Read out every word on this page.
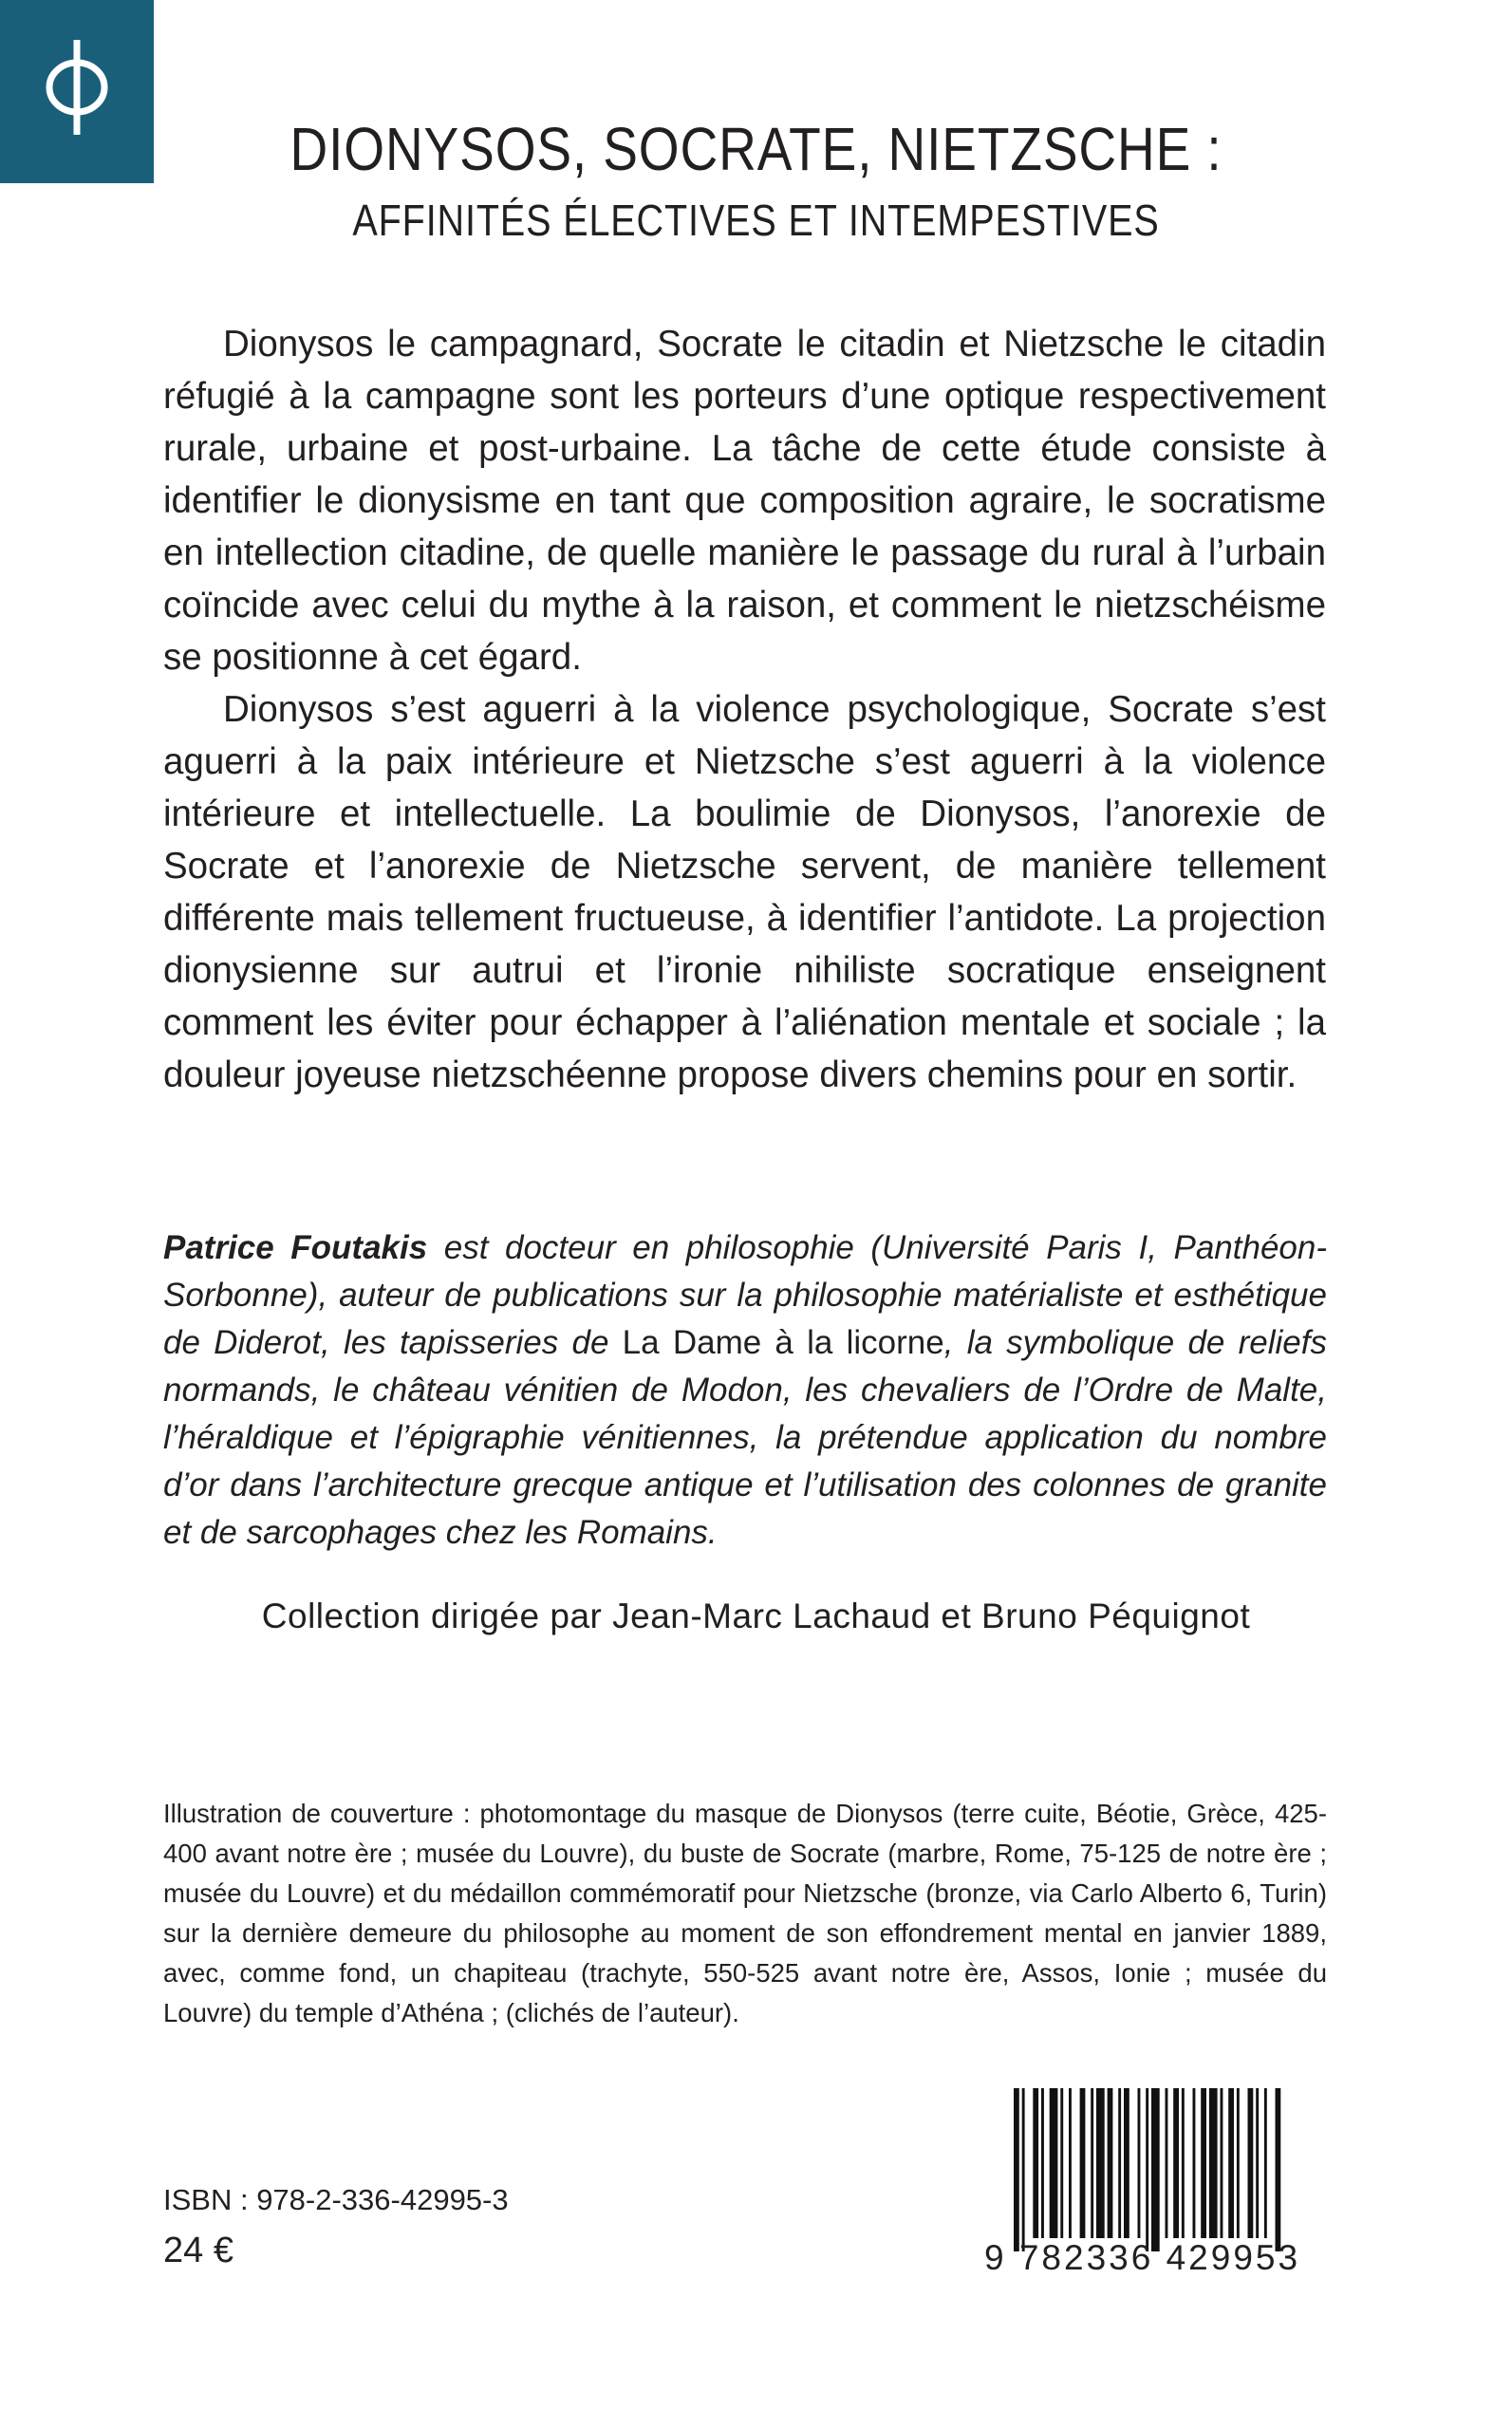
DIONYSOS, SOCRATE, NIETZSCHE :
AFFINITÉS ÉLECTIVES ET INTEMPESTIVES

Dionysos le campagnard, Socrate le citadin et Nietzsche le citadin réfugié à la campagne sont les porteurs d’une optique respectivement rurale, urbaine et post-urbaine. La tâche de cette étude consiste à identifier le dionysisme en tant que composition agraire, le socratisme en intellection citadine, de quelle manière le passage du rural à l’urbain coïncide avec celui du mythe à la raison, et comment le nietzschéisme se positionne à cet égard.

Dionysos s’est aguerri à la violence psychologique, Socrate s’est aguerri à la paix intérieure et Nietzsche s’est aguerri à la violence intérieure et intellectuelle. La boulimie de Dionysos, l’anorexie de Socrate et l’anorexie de Nietzsche servent, de manière tellement différente mais tellement fructueuse, à identifier l’antidote. La projection dionysienne sur autrui et l’ironie nihiliste socratique enseignent comment les éviter pour échapper à l’aliénation mentale et sociale ; la douleur joyeuse nietzschéenne propose divers chemins pour en sortir.

Patrice Foutakis est docteur en philosophie (Université Paris I, Panthéon-Sorbonne), auteur de publications sur la philosophie matérialiste et esthétique de Diderot, les tapisseries de La Dame à la licorne, la symbolique de reliefs normands, le château vénitien de Modon, les chevaliers de l’Ordre de Malte, l’héraldique et l’épigraphie vénitiennes, la prétendue application du nombre d’or dans l’architecture grecque antique et l’utilisation des colonnes de granite et de sarcophages chez les Romains.
Collection dirigée par Jean-Marc Lachaud et Bruno Péquignot
Illustration de couverture : photomontage du masque de Dionysos (terre cuite, Béotie, Grèce, 425-400 avant notre ère ; musée du Louvre), du buste de Socrate (marbre, Rome, 75-125 de notre ère ; musée du Louvre) et du médaillon commémoratif pour Nietzsche (bronze, via Carlo Alberto 6, Turin) sur la dernière demeure du philosophe au moment de son effondrement mental en janvier 1889, avec, comme fond, un chapiteau (trachyte, 550-525 avant notre ère, Assos, Ionie ; musée du Louvre) du temple d’Athéna ; (clichés de l’auteur).
ISBN : 978-2-336-42995-3
24 €	9 782336 429953
